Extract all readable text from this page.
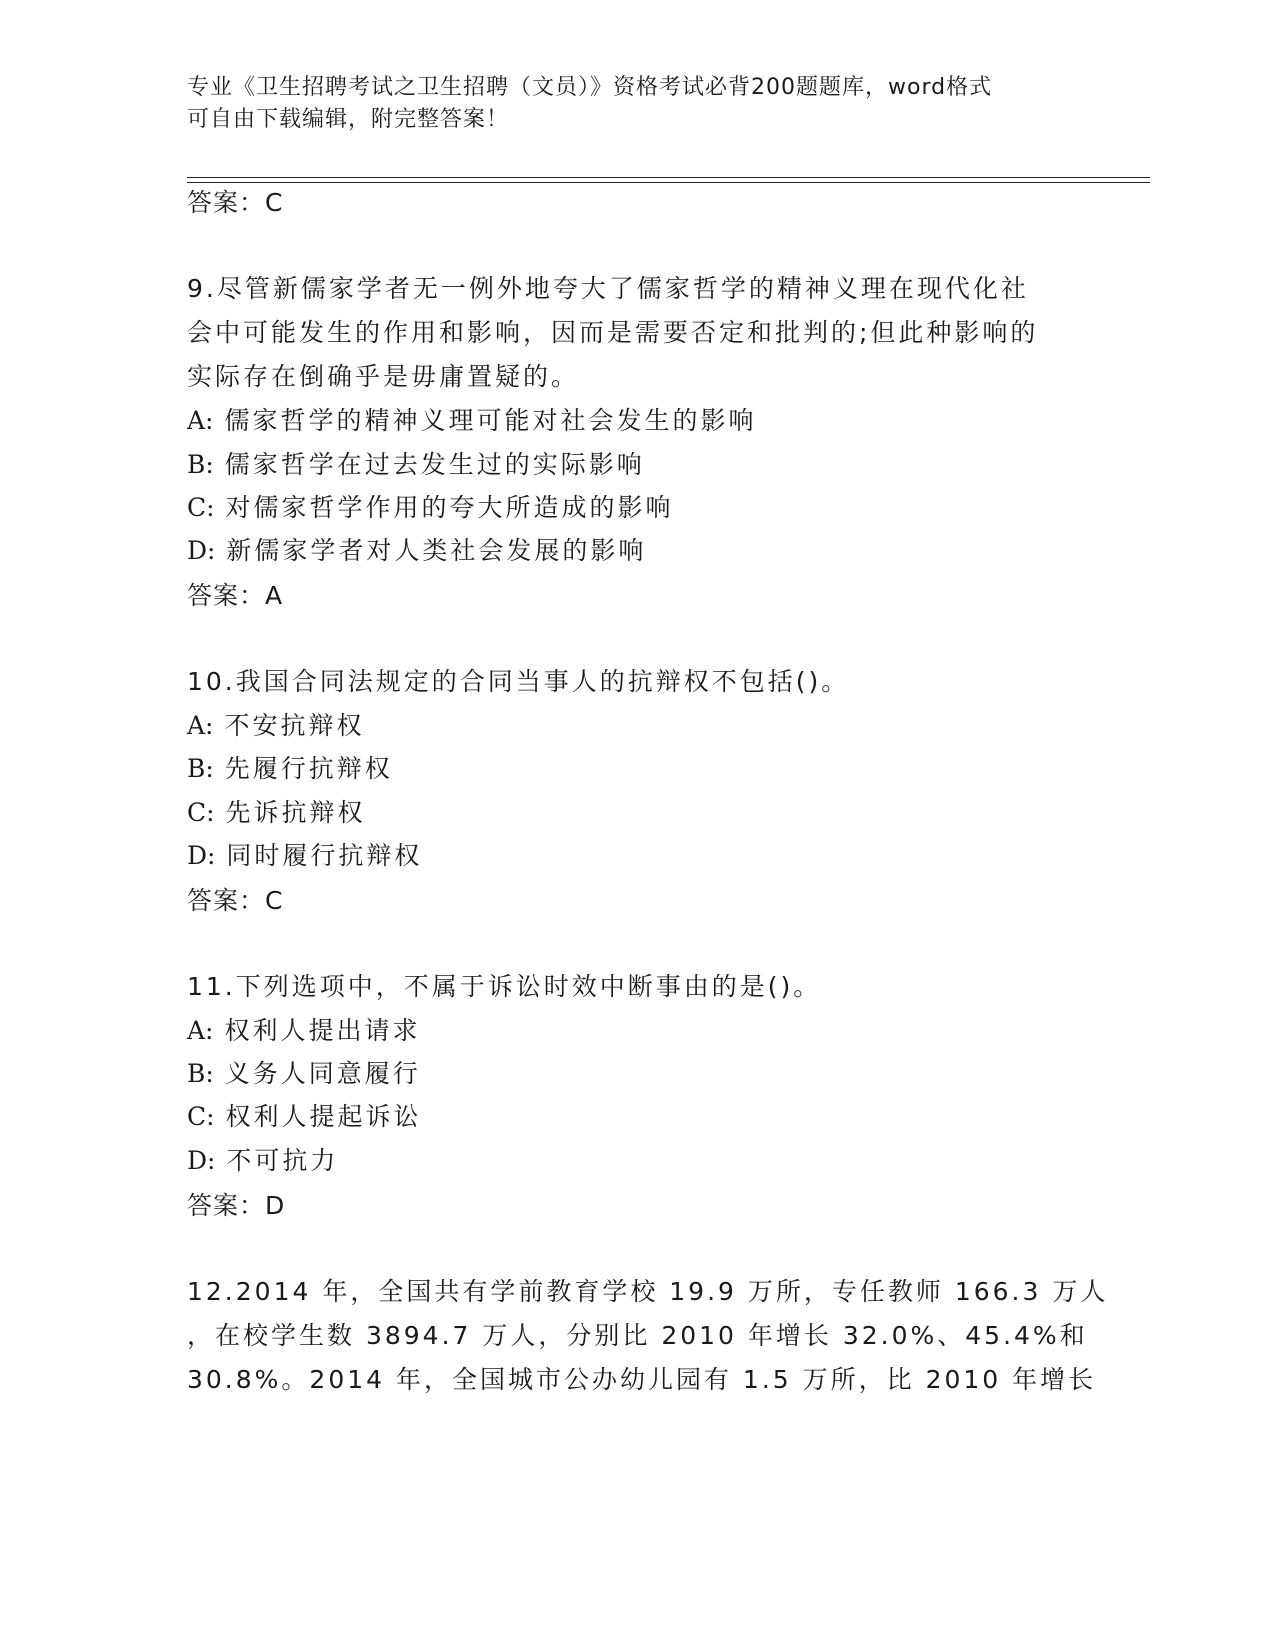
专业《卫生招聘考试之卫生招聘（文员）》资格考试必背200题题库，word格式
可自由下载编辑，附完整答案！
答案：C
9.尽管新儒家学者无一例外地夸大了儒家哲学的精神义理在现代化社
会中可能发生的作用和影响，因而是需要否定和批判的;但此种影响的
实际存在倒确乎是毋庸置疑的。
A: 儒家哲学的精神义理可能对社会发生的影响
B: 儒家哲学在过去发生过的实际影响
C: 对儒家哲学作用的夸大所造成的影响
D: 新儒家学者对人类社会发展的影响
答案：A
10.我国合同法规定的合同当事人的抗辩权不包括()。
A: 不安抗辩权
B: 先履行抗辩权
C: 先诉抗辩权
D: 同时履行抗辩权
答案：C
11.下列选项中，不属于诉讼时效中断事由的是()。
A: 权利人提出请求
B: 义务人同意履行
C: 权利人提起诉讼
D: 不可抗力
答案：D
12.2014 年，全国共有学前教育学校 19.9 万所，专任教师 166.3 万人
，在校学生数 3894.7 万人，分别比 2010 年增长 32.0%、45.4%和
30.8%。2014 年，全国城市公办幼儿园有 1.5 万所，比 2010 年增长
